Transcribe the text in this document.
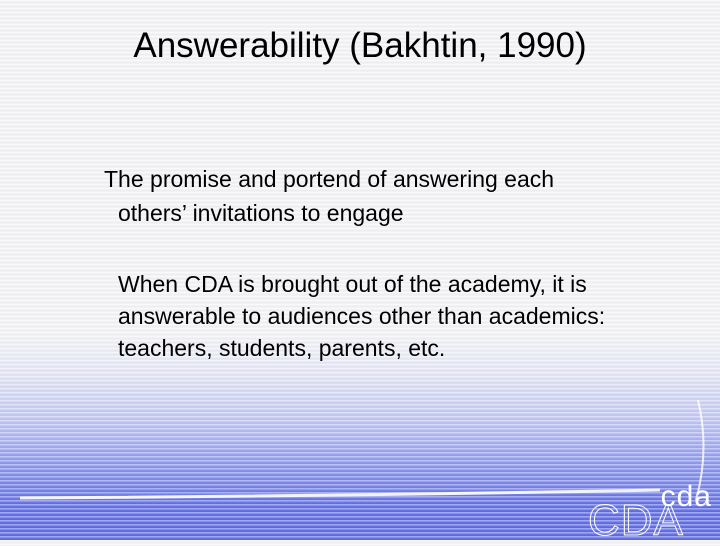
Answerability (Bakhtin, 1990)

The promise and portend of answering each
others’ invitations to engage

When CDA is brought out of the academy, it is answerable to audiences other than academics: teachers, students, parents, etc.

cda
CDA
